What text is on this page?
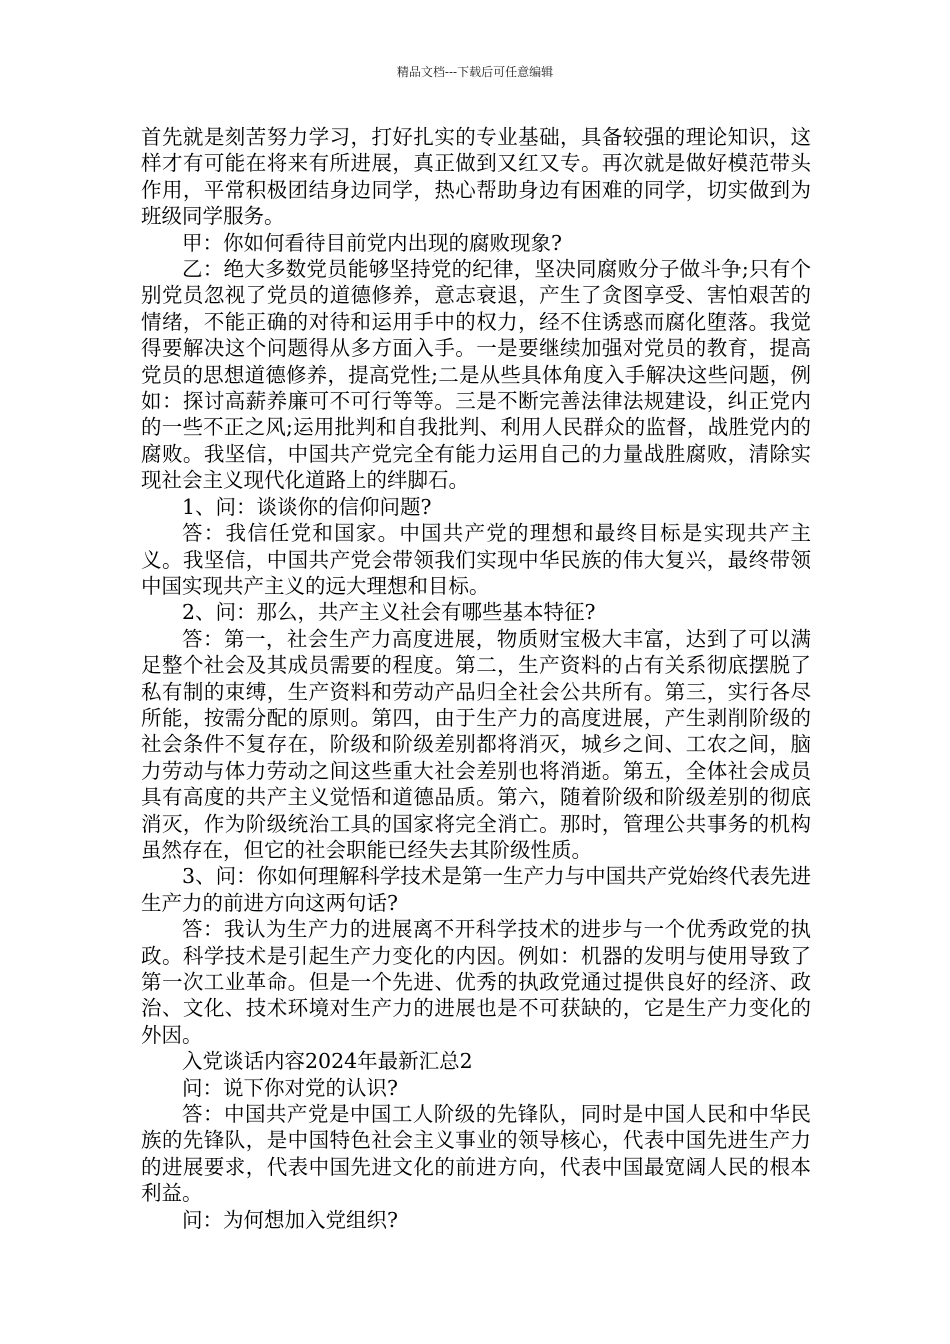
精品文档---下载后可任意编辑

首先就是刻苦努力学习，打好扎实的专业基础，具备较强的理论知识，这样才有可能在将来有所进展，真正做到又红又专。再次就是做好模范带头作用，平常积极团结身边同学，热心帮助身边有困难的同学，切实做到为班级同学服务。

甲：你如何看待目前党内出现的腐败现象?

乙：绝大多数党员能够坚持党的纪律，坚决同腐败分子做斗争;只有个别党员忽视了党员的道德修养，意志衰退，产生了贪图享受、害怕艰苦的情绪，不能正确的对待和运用手中的权力，经不住诱惑而腐化堕落。我觉得要解决这个问题得从多方面入手。一是要继续加强对党员的教育，提高党员的思想道德修养，提高党性;二是从些具体角度入手解决这些问题，例如：探讨高薪养廉可不可行等等。三是不断完善法律法规建设，纠正党内的一些不正之风;运用批判和自我批判、利用人民群众的监督，战胜党内的腐败。我坚信，中国共产党完全有能力运用自己的力量战胜腐败，清除实现社会主义现代化道路上的绊脚石。

1、问：谈谈你的信仰问题?

答：我信任党和国家。中国共产党的理想和最终目标是实现共产主义。我坚信，中国共产党会带领我们实现中华民族的伟大复兴，最终带领中国实现共产主义的远大理想和目标。

2、问：那么，共产主义社会有哪些基本特征?

答：第一，社会生产力高度进展，物质财宝极大丰富，达到了可以满足整个社会及其成员需要的程度。第二，生产资料的占有关系彻底摆脱了私有制的束缚，生产资料和劳动产品归全社会公共所有。第三，实行各尽所能，按需分配的原则。第四，由于生产力的高度进展，产生剥削阶级的社会条件不复存在，阶级和阶级差别都将消灭，城乡之间、工农之间，脑力劳动与体力劳动之间这些重大社会差别也将消逝。第五，全体社会成员具有高度的共产主义觉悟和道德品质。第六，随着阶级和阶级差别的彻底消灭，作为阶级统治工具的国家将完全消亡。那时，管理公共事务的机构虽然存在，但它的社会职能已经失去其阶级性质。

3、问：你如何理解科学技术是第一生产力与中国共产党始终代表先进生产力的前进方向这两句话?

答：我认为生产力的进展离不开科学技术的进步与一个优秀政党的执政。科学技术是引起生产力变化的内因。例如：机器的发明与使用导致了第一次工业革命。但是一个先进、优秀的执政党通过提供良好的经济、政治、文化、技术环境对生产力的进展也是不可获缺的，它是生产力变化的外因。

入党谈话内容2024年最新汇总2

问：说下你对党的认识?

答：中国共产党是中国工人阶级的先锋队，同时是中国人民和中华民族的先锋队，是中国特色社会主义事业的领导核心，代表中国先进生产力的进展要求，代表中国先进文化的前进方向，代表中国最宽阔人民的根本利益。

问：为何想加入党组织?
